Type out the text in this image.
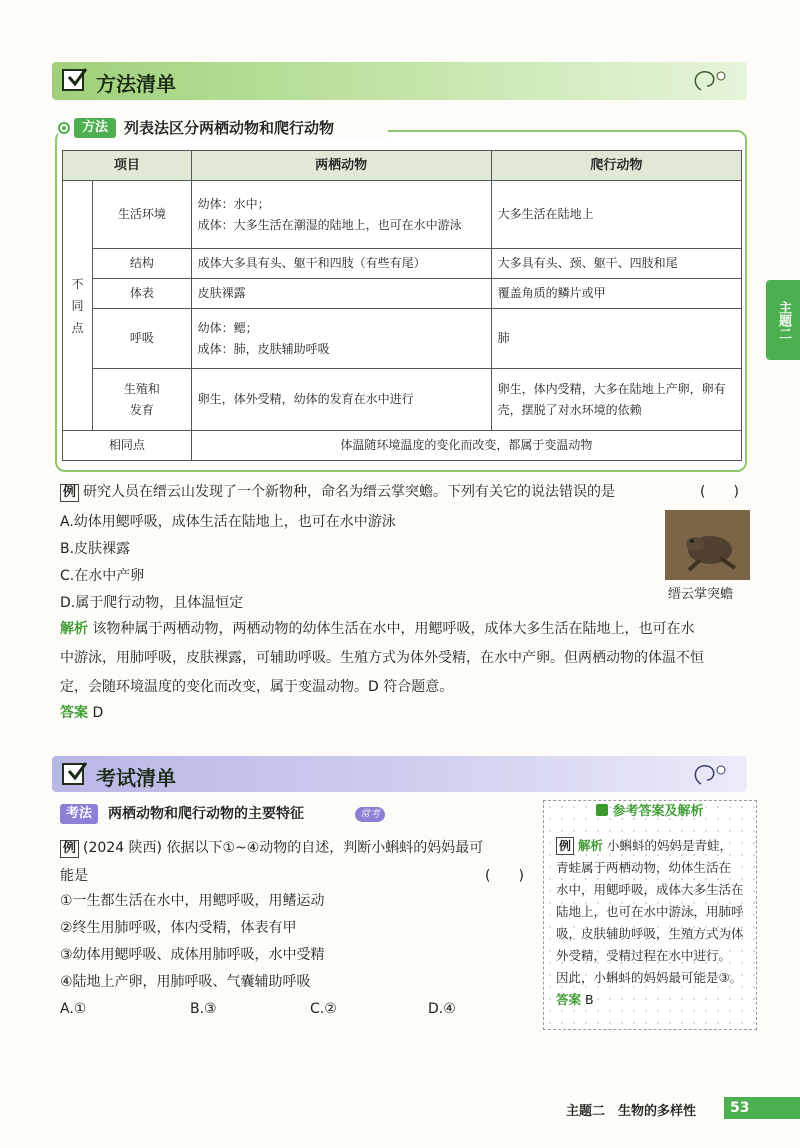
方法清单
方法	列表法区分两栖动物和爬行动物
项目		两栖动物	爬行动物
不
同
点	生活环境	幼体：水中；
成体：大多生活在潮湿的陆地上，也可在水中游泳	大多生活在陆地上
	结构	成体大多具有头、躯干和四肢（有些有尾）	大多具有头、颈、躯干、四肢和尾
	体表	皮肤裸露	覆盖角质的鳞片或甲
	呼吸	幼体：鳃；
成体：肺，皮肤辅助呼吸	肺
	生殖和
发育	卵生，体外受精，幼体的发育在水中进行	卵生，体内受精，大多在陆地上产卵，卵有
壳，摆脱了对水环境的依赖
相同点		体温随环境温度的变化而改变，都属于变温动物	
例 研究人员在缙云山发现了一个新物种，命名为缙云掌突蟾。下列有关它的说法错误的是	(　　)
A.幼体用鳃呼吸，成体生活在陆地上，也可在水中游泳
B.皮肤裸露
C.在水中产卵
D.属于爬行动物，且体温恒定
缙云掌突蟾
解析 该物种属于两栖动物，两栖动物的幼体生活在水中，用鳃呼吸，成体大多生活在陆地上，也可在水
中游泳，用肺呼吸，皮肤裸露，可辅助呼吸。生殖方式为体外受精，在水中产卵。但两栖动物的体温不恒
定，会随环境温度的变化而改变，属于变温动物。D 符合题意。
答案 D
考试清单
考法	两栖动物和爬行动物的主要特征	常考
例 (2024 陕西) 依据以下①~④动物的自述，判断小蝌蚪的妈妈最可
能是	(　　)
①一生都生活在水中，用鳃呼吸，用鳍运动
②终生用肺呼吸，体内受精，体表有甲
③幼体用鳃呼吸、成体用肺呼吸，水中受精
④陆地上产卵，用肺呼吸、气囊辅助呼吸
A.①	B.③	C.②	D.④
参考答案及解析
例 解析 小蝌蚪的妈妈是青蛙，
青蛙属于两栖动物，幼体生活在
水中，用鳃呼吸，成体大多生活在
陆地上，也可在水中游泳，用肺呼
吸，皮肤辅助呼吸，生殖方式为体
外受精，受精过程在水中进行。
因此，小蝌蚪的妈妈最可能是③。
答案 B
主题二
主题二　生物的多样性	53
